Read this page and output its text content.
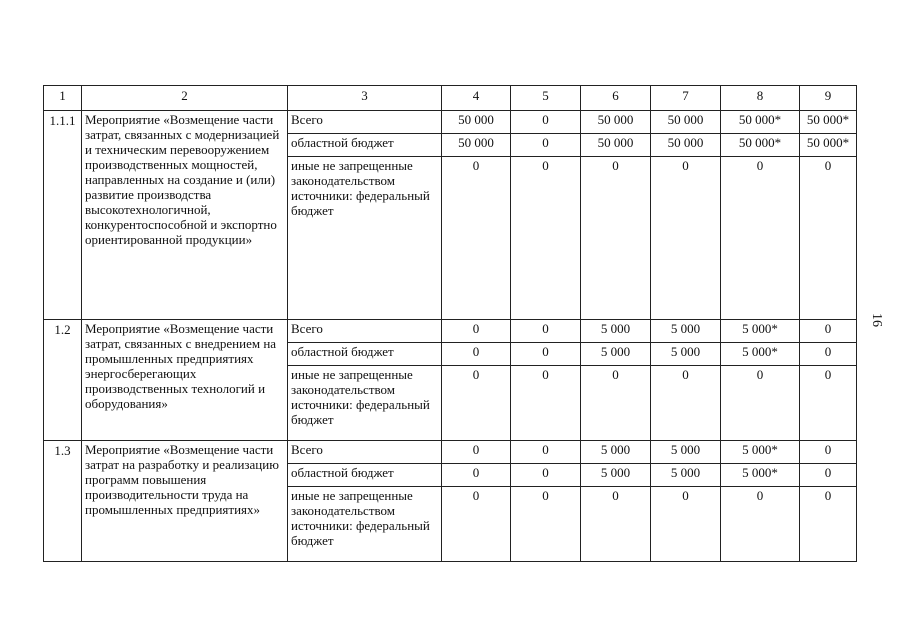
1	2	3	4	5	6	7	8	9
1.1.1	Мероприятие «Возмещение части затрат, связанных с модернизацией и техническим перевооружением производственных мощностей, направленных на создание и (или) развитие производства высокотехнологичной, конкурентоспособной и экспортно ориентированной продукции»	Всего	50 000	0	50 000	50 000	50 000*	50 000*
		областной бюджет	50 000	0	50 000	50 000	50 000*	50 000*
		иные не запрещенные законодательством источники: федеральный бюджет	0	0	0	0	0	0
1.2	Мероприятие «Возмещение части затрат, связанных с внедрением на промышленных предприятиях энергосберегающих производственных технологий и оборудования»	Всего	0	0	5 000	5 000	5 000*	0
		областной бюджет	0	0	5 000	5 000	5 000*	0
		иные не запрещенные законодательством источники: федеральный бюджет	0	0	0	0	0	0
1.3	Мероприятие «Возмещение части затрат на разработку и реализацию программ повышения производительности труда на промышленных предприятиях»	Всего	0	0	5 000	5 000	5 000*	0
		областной бюджет	0	0	5 000	5 000	5 000*	0
		иные не запрещенные законодательством источники: федеральный бюджет	0	0	0	0	0	0
16
